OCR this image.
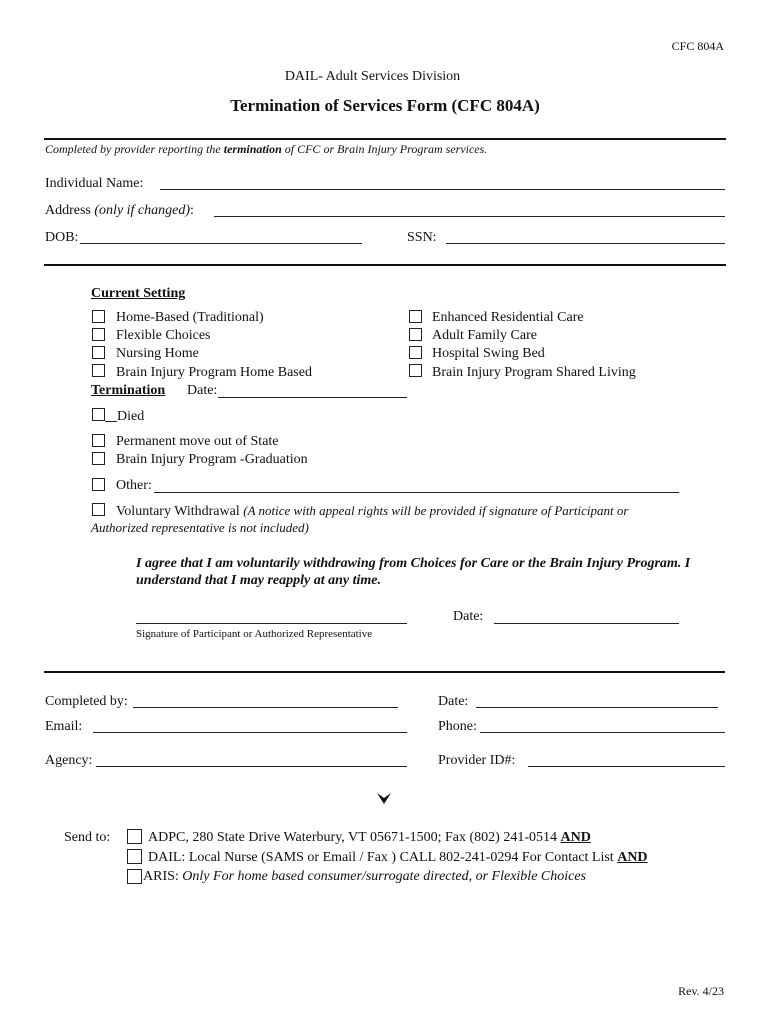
CFC 804A
DAIL- Adult Services Division
Termination of Services Form (CFC 804A)
Completed by provider reporting the termination of CFC or Brain Injury Program services.
Individual Name:
Address (only if changed):
DOB:	SSN:
Current Setting
Home-Based (Traditional)
Flexible Choices
Nursing Home
Brain Injury Program Home Based
Enhanced Residential Care
Adult Family Care
Hospital Swing Bed
Brain Injury Program Shared Living
Termination Date:
Died
Permanent move out of State
Brain Injury Program -Graduation
Other:
Voluntary Withdrawal (A notice with appeal rights will be provided if signature of Participant or
Authorized representative is not included)
I agree that I am voluntarily withdrawing from Choices for Care or the Brain Injury Program. I
understand that I may reapply at any time.
Signature of Participant or Authorized Representative
Date:
Completed by:	Date:
Email:	Phone:
Agency:	Provider ID#:
Send to:	ADPC, 280 State Drive Waterbury, VT 05671-1500; Fax (802) 241-0514 AND
DAIL: Local Nurse (SAMS or Email / Fax ) CALL 802-241-0294 For Contact List AND
ARIS: Only For home based consumer/surrogate directed, or Flexible Choices
Rev. 4/23
